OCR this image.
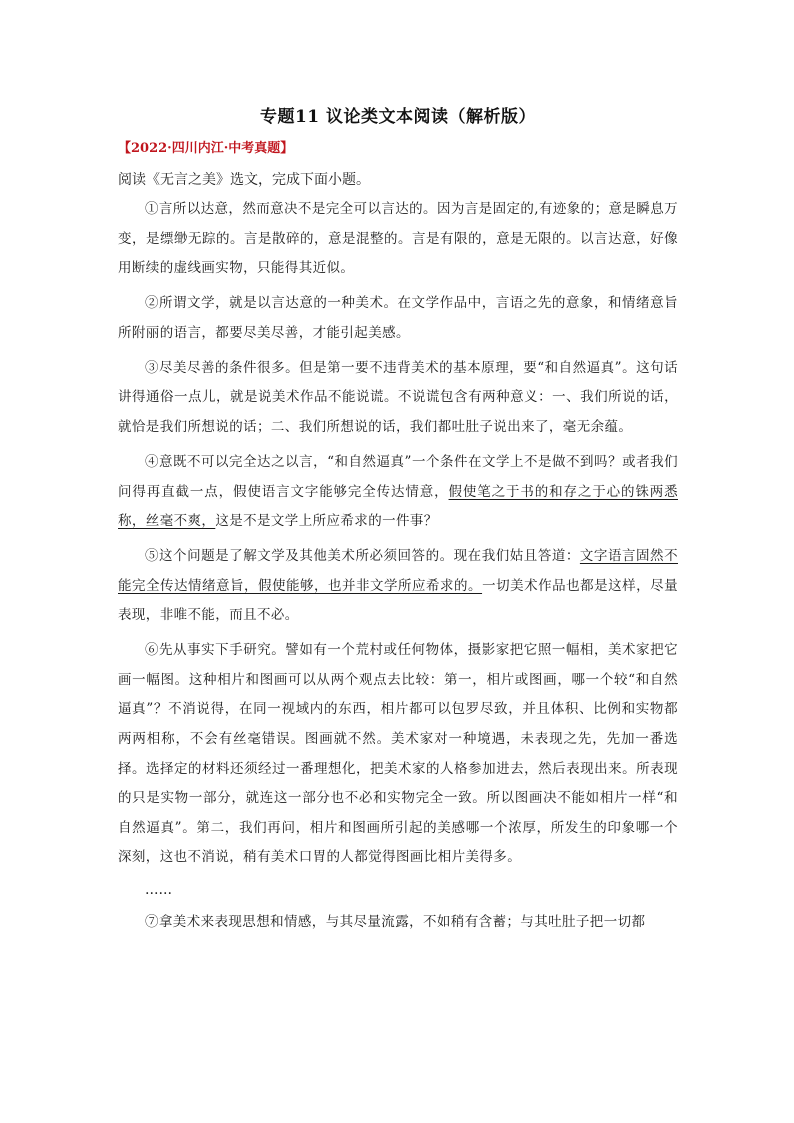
专题11 议论类文本阅读（解析版）
【2022·四川内江·中考真题】

阅读《无言之美》选文，完成下面小题。

①言所以达意，然而意决不是完全可以言达的。因为言是固定的,有迹象的；意是瞬息万变，是缥缈无踪的。言是散碎的，意是混整的。言是有限的，意是无限的。以言达意，好像用断续的虚线画实物，只能得其近似。

②所谓文学，就是以言达意的一种美术。在文学作品中，言语之先的意象，和情绪意旨所附丽的语言，都要尽美尽善，才能引起美感。

③尽美尽善的条件很多。但是第一要不违背美术的基本原理，要“和自然逼真”。这句话讲得通俗一点儿，就是说美术作品不能说谎。不说谎包含有两种意义：一、我们所说的话，就恰是我们所想说的话；二、我们所想说的话，我们都吐肚子说出来了，毫无余蕴。

④意既不可以完全达之以言，“和自然逼真”一个条件在文学上不是做不到吗？或者我们问得再直截一点，假使语言文字能够完全传达情意，假使笔之于书的和存之于心的铢两悉称，丝毫不爽，这是不是文学上所应希求的一件事？

⑤这个问题是了解文学及其他美术所必须回答的。现在我们姑且答道：文字语言固然不能完全传达情绪意旨，假使能够，也并非文学所应希求的。一切美术作品也都是这样，尽量表现，非唯不能，而且不必。

⑥先从事实下手研究。譬如有一个荒村或任何物体，摄影家把它照一幅相，美术家把它画一幅图。这种相片和图画可以从两个观点去比较：第一，相片或图画，哪一个较“和自然逼真”？不消说得，在同一视域内的东西，相片都可以包罗尽致，并且体积、比例和实物都两两相称，不会有丝毫错误。图画就不然。美术家对一种境遇，未表现之先，先加一番选择。选择定的材料还须经过一番理想化，把美术家的人格参加进去，然后表现出来。所表现的只是实物一部分，就连这一部分也不必和实物完全一致。所以图画决不能如相片一样“和自然逼真”。第二，我们再问，相片和图画所引起的美感哪一个浓厚，所发生的印象哪一个深刻，这也不消说，稍有美术口胃的人都觉得图画比相片美得多。

……

⑦拿美术来表现思想和情感，与其尽量流露，不如稍有含蓄；与其吐肚子把一切都
